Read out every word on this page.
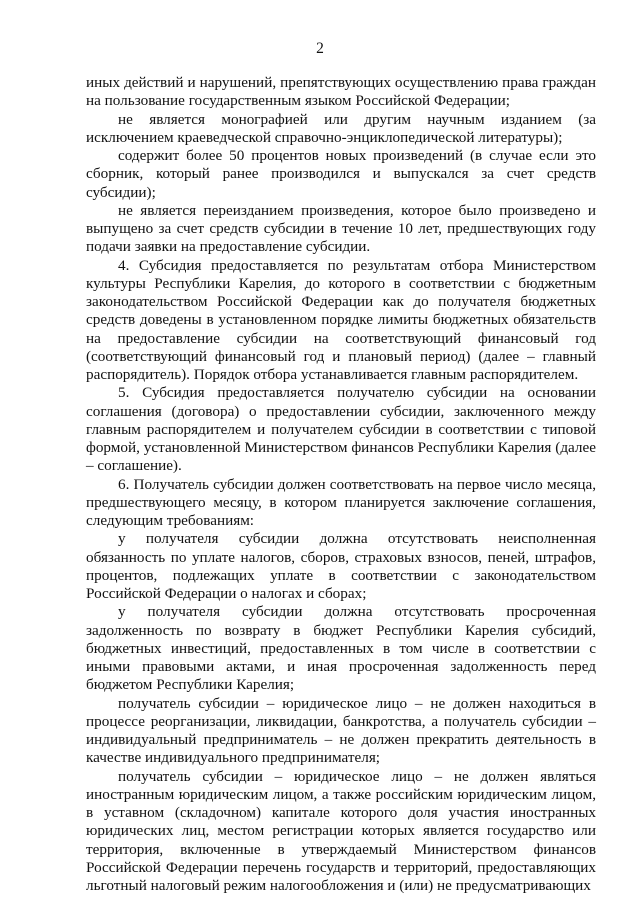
2

иных действий и нарушений, препятствующих осуществлению права граждан на пользование государственным языком Российской Федерации;

не является монографией или другим научным изданием (за исключением краеведческой справочно-энциклопедической литературы);

содержит более 50 процентов новых произведений (в случае если это сборник, который ранее производился и выпускался за счет средств субсидии);

не является переизданием произведения, которое было произведено и выпущено за счет средств субсидии в течение 10 лет, предшествующих году подачи заявки на предоставление субсидии.

4. Субсидия предоставляется по результатам отбора Министерством культуры Республики Карелия, до которого в соответствии с бюджетным законодательством Российской Федерации как до получателя бюджетных средств доведены в установленном порядке лимиты бюджетных обязательств на предоставление субсидии на соответствующий финансовый год (соответствующий финансовый год и плановый период) (далее – главный распорядитель). Порядок отбора устанавливается главным распорядителем.

5. Субсидия предоставляется получателю субсидии на основании соглашения (договора) о предоставлении субсидии, заключенного между главным распорядителем и получателем субсидии в соответствии с типовой формой, установленной Министерством финансов Республики Карелия (далее – соглашение).

6. Получатель субсидии должен соответствовать на первое число месяца, предшествующего месяцу, в котором планируется заключение соглашения, следующим требованиям:

у получателя субсидии должна отсутствовать неисполненная обязанность по уплате налогов, сборов, страховых взносов, пеней, штрафов, процентов, подлежащих уплате в соответствии с законодательством Российской Федерации о налогах и сборах;

у получателя субсидии должна отсутствовать просроченная задолженность по возврату в бюджет Республики Карелия субсидий, бюджетных инвестиций, предоставленных в том числе в соответствии с иными правовыми актами, и иная просроченная задолженность перед бюджетом Республики Карелия;

получатель субсидии – юридическое лицо – не должен находиться в процессе реорганизации, ликвидации, банкротства, а получатель субсидии – индивидуальный предприниматель – не должен прекратить деятельность в качестве индивидуального предпринимателя;

получатель субсидии – юридическое лицо – не должен являться иностранным юридическим лицом, а также российским юридическим лицом, в уставном (складочном) капитале которого доля участия иностранных юридических лиц, местом регистрации которых является государство или территория, включенные в утверждаемый Министерством финансов Российской Федерации перечень государств и территорий, предоставляющих льготный налоговый режим налогообложения и (или) не предусматривающих
